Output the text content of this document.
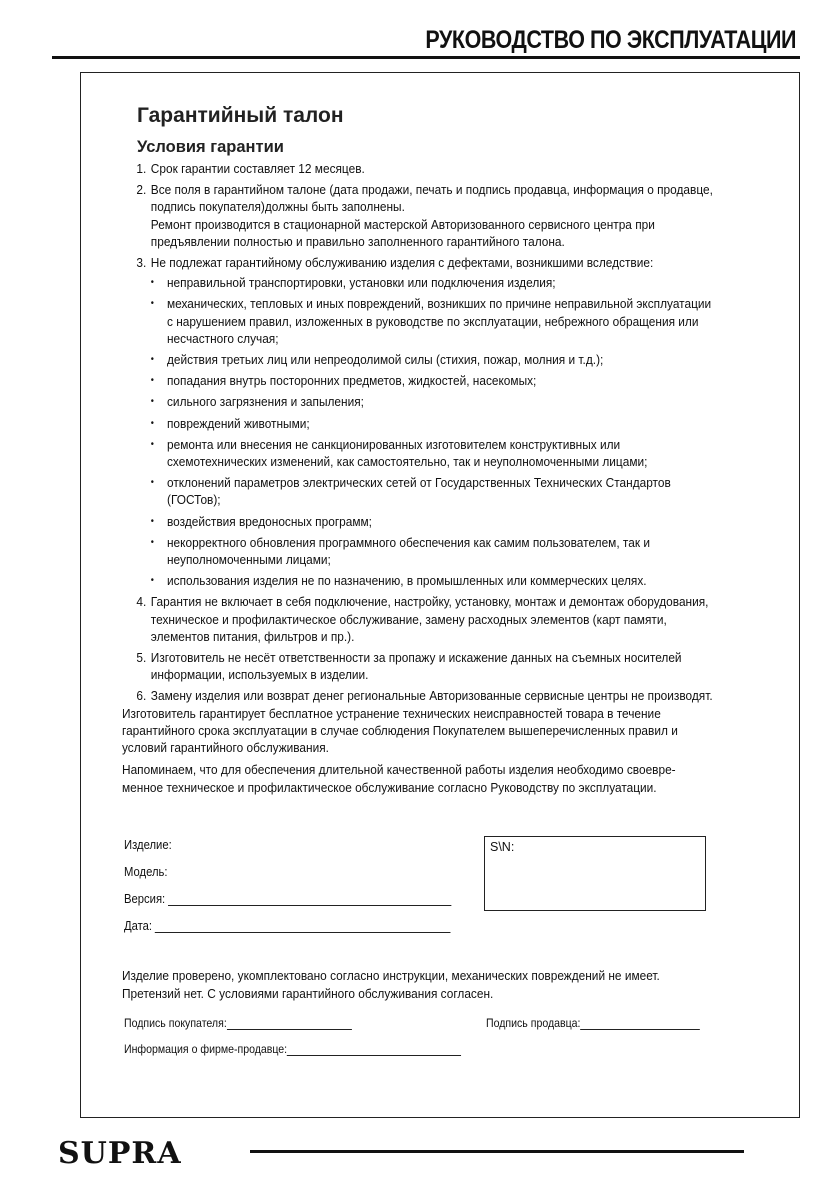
РУКОВОДСТВО ПО ЭКСПЛУАТАЦИИ
Гарантийный талон
Условия гарантии
1. Срок гарантии составляет 12 месяцев.
2. Все поля в гарантийном талоне (дата продажи, печать и подпись продавца, информация о продавце, подпись покупателя)должны быть заполнены.
Ремонт производится в стационарной мастерской Авторизованного сервисного центра при предъявлении полностью и правильно заполненного гарантийного талона.
3. Не подлежат гарантийному обслуживанию изделия с дефектами, возникшими вследствие:
• неправильной транспортировки, установки или подключения изделия;
• механических, тепловых и иных повреждений, возникших по причине неправильной эксплуатации с нарушением правил, изложенных в руководстве по эксплуатации, небрежного обращения или несчастного случая;
• действия третьих лиц или непреодолимой силы (стихия, пожар, молния и т.д.);
• попадания внутрь посторонних предметов, жидкостей, насекомых;
• сильного загрязнения и запыления;
• повреждений животными;
• ремонта или внесения не санкционированных изготовителем конструктивных или схемотехнических изменений, как самостоятельно, так и неуполномоченными лицами;
• отклонений параметров электрических сетей от Государственных Технических Стандартов (ГОСТов);
• воздействия вредоносных программ;
• некорректного обновления программного обеспечения как самим пользователем, так и неуполномоченными лицами;
• использования изделия не по назначению, в промышленных или коммерческих целях.
4. Гарантия не включает в себя подключение, настройку, установку, монтаж и демонтаж оборудования, техническое и профилактическое обслуживание, замену расходных элементов (карт памяти, элементов питания, фильтров и пр.).
5. Изготовитель не несёт ответственности за пропажу и искажение данных на съемных носителей информации, используемых в изделии.
6. Замену изделия или возврат денег региональные Авторизованные сервисные центры не производят.

Изготовитель гарантирует бесплатное устранение технических неисправностей товара в течение гарантийного срока эксплуатации в случае соблюдения Покупателем вышеперечисленных правил и условий гарантийного обслуживания.

Напоминаем, что для обеспечения длительной качественной работы изделия необходимо своевре-менное техническое и профилактическое обслуживание согласно Руководству по эксплуатации.

Изделие:
Модель:
Версия:
Дата:
S\N:
Изделие проверено, укомплектовано согласно инструкции, механических повреждений не имеет. Претензий нет. С условиями гарантийного обслуживания согласен.
Подпись покупателя:	Подпись продавца:
Информация о фирме-продавце:
SUPRA
